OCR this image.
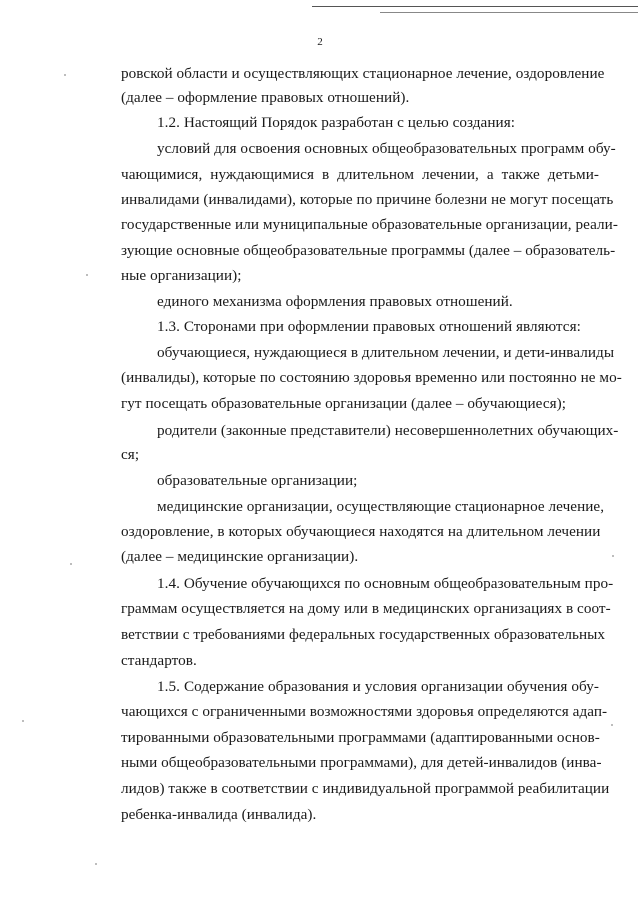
2
ровской области и осуществляющих стационарное лечение, оздоровление
(далее – оформление правовых отношений).
1.2. Настоящий Порядок разработан с целью создания:
условий для освоения основных общеобразовательных программ обу-
чающимися, нуждающимися в длительном лечении, а также детьми-
инвалидами (инвалидами), которые по причине болезни не могут посещать
государственные или муниципальные образовательные организации, реали-
зующие основные общеобразовательные программы (далее – образователь-
ные организации);
единого механизма оформления правовых отношений.
1.3. Сторонами при оформлении правовых отношений являются:
обучающиеся, нуждающиеся в длительном лечении, и дети-инвалиды
(инвалиды), которые по состоянию здоровья временно или постоянно не мо-
гут посещать образовательные организации (далее – обучающиеся);
родители (законные представители) несовершеннолетних обучающих-
ся;
образовательные организации;
медицинские организации, осуществляющие стационарное лечение,
оздоровление, в которых обучающиеся находятся на длительном лечении
(далее – медицинские организации).
1.4. Обучение обучающихся по основным общеобразовательным про-
граммам осуществляется на дому или в медицинских организациях в соот-
ветствии с требованиями федеральных государственных образовательных
стандартов.
1.5. Содержание образования и условия организации обучения обу-
чающихся с ограниченными возможностями здоровья определяются адап-
тированными образовательными программами (адаптированными основ-
ными общеобразовательными программами), для детей-инвалидов (инва-
лидов) также в соответствии с индивидуальной программой реабилитации
ребенка-инвалида (инвалида).
